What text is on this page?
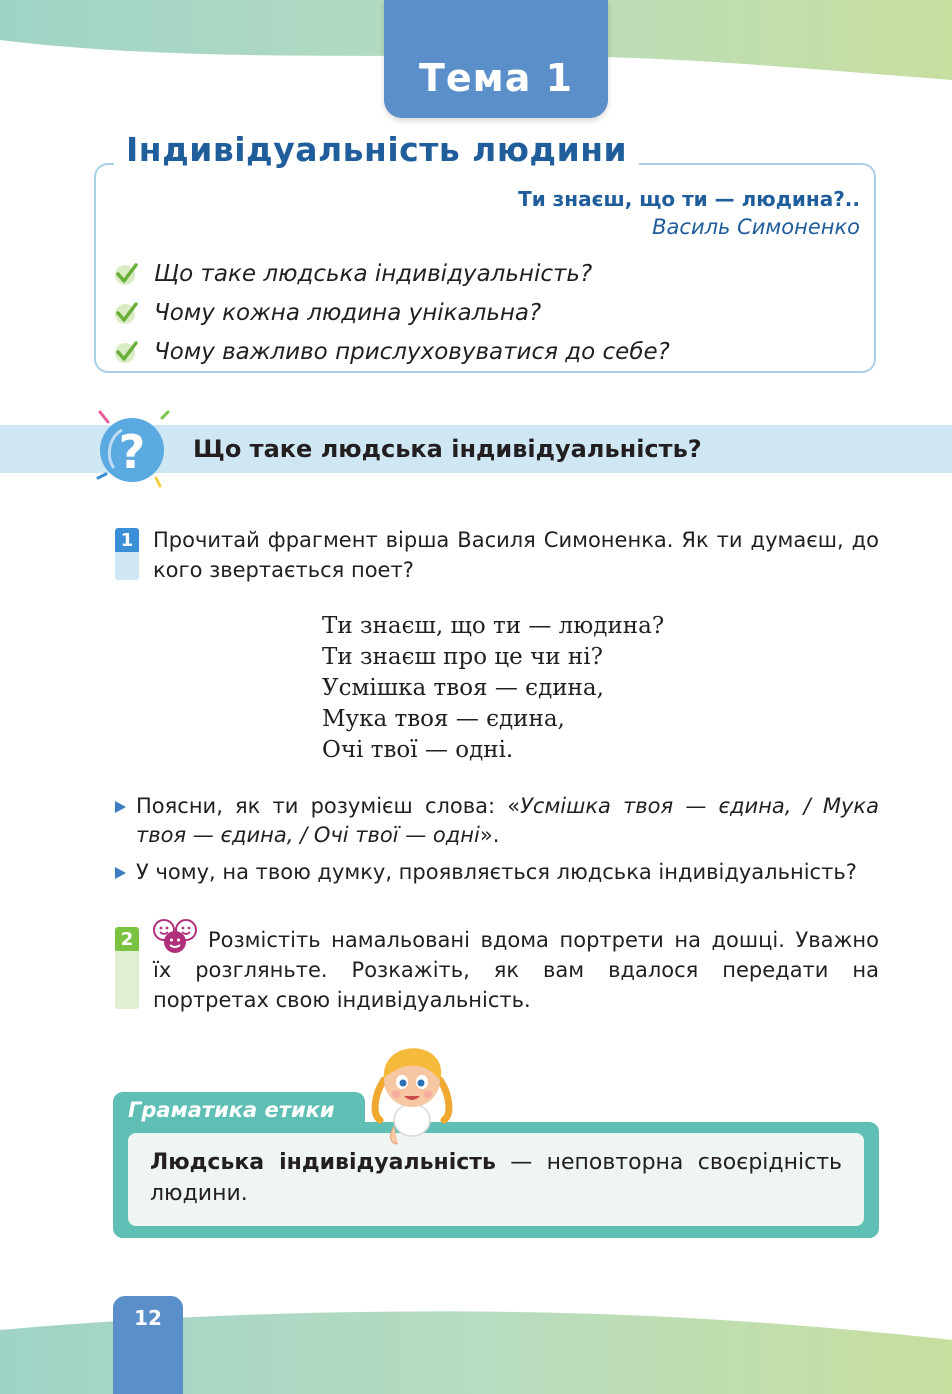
Тема 1
Індивідуальність людини
Ти знаєш, що ти — людина?..
Василь Симоненко
Що таке людська індивідуальність?
Чому кожна людина унікальна?
Чому важливо прислуховуватися до себе?
? Що таке людська індивідуальність?
1 Прочитай фрагмент вірша Василя Симоненка. Як ти думаєш, до кого звертається поет?
Ти знаєш, що ти — людина?
Ти знаєш про це чи ні?
Усмішка твоя — єдина,
Мука твоя — єдина,
Очі твої — одні.
Поясни, як ти розумієш слова: «Усмішка твоя — єдина, / Мука твоя — єдина, / Очі твої — одні».
У чому, на твою думку, проявляється людська індивідуальність?
2	Розмістіть намальовані вдома портрети на дошці. Уважно їх розгляньте. Розкажіть, як вам вдалося передати на портретах свою індивідуальність.
Граматика етики
Людська індивідуальність — неповторна своєрідність людини.
12
